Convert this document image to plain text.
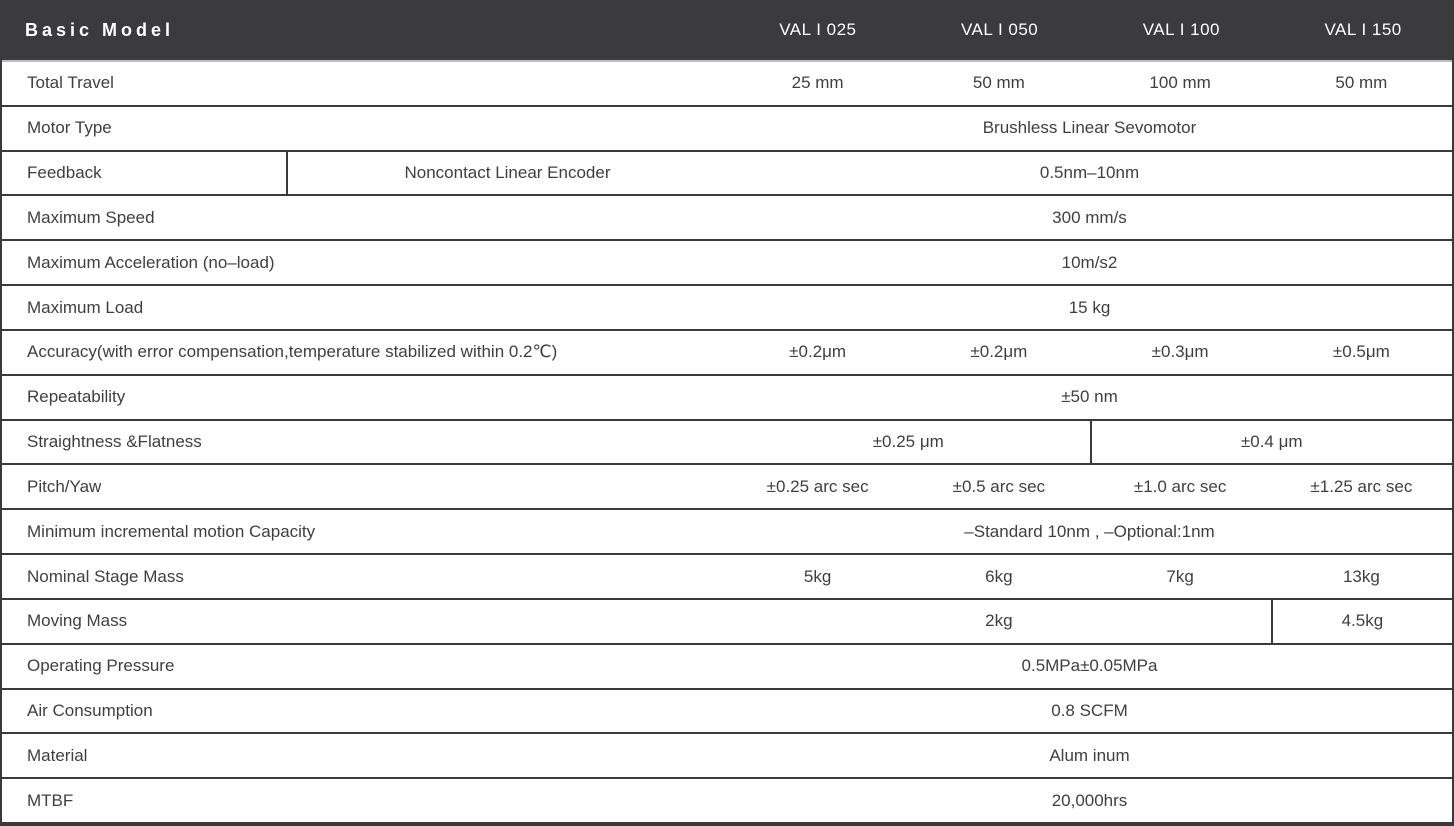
Basic Model	VAL I 025	VAL I 050	VAL I 100	VAL I 150
Total Travel	25 mm	50 mm	100 mm	50 mm
Motor Type	Brushless Linear Sevomotor
Feedback	Noncontact Linear Encoder	0.5nm–10nm
Maximum Speed	300 mm/s
Maximum Acceleration (no–load)	10m/s2
Maximum Load	15 kg
Accuracy(with error compensation,temperature stabilized within 0.2℃)	±0.2μm	±0.2μm	±0.3μm	±0.5μm
Repeatability	±50 nm
Straightness &Flatness	±0.25 μm	±0.4 μm
Pitch/Yaw	±0.25 arc sec	±0.5 arc sec	±1.0 arc sec	±1.25 arc sec
Minimum incremental motion Capacity	–Standard 10nm , –Optional:1nm
Nominal Stage Mass	5kg	6kg	7kg	13kg
Moving Mass	2kg	4.5kg
Operating Pressure	0.5MPa±0.05MPa
Air Consumption	0.8 SCFM
Material	Alum inum
MTBF	20,000hrs
